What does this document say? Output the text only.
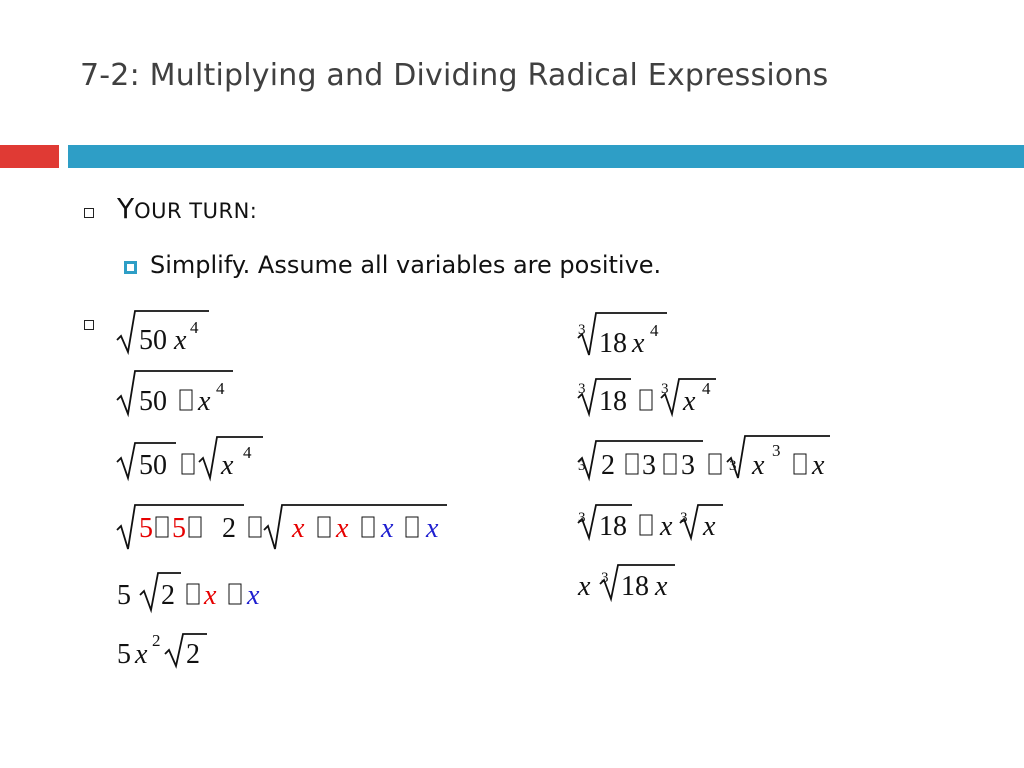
7-2: Multiplying and Dividing Radical Expressions
YOUR TURN:
Simplify. Assume all variables are positive.
50 x 4
50 x 4
50 x 4
5 5 2 x x x x
5 2 x x
5 x 2 2
3 18 x 4
3 18 3 x 4
3 2 3 3 3 x 3 x
3 18 x 3 x
x 3 18 x
